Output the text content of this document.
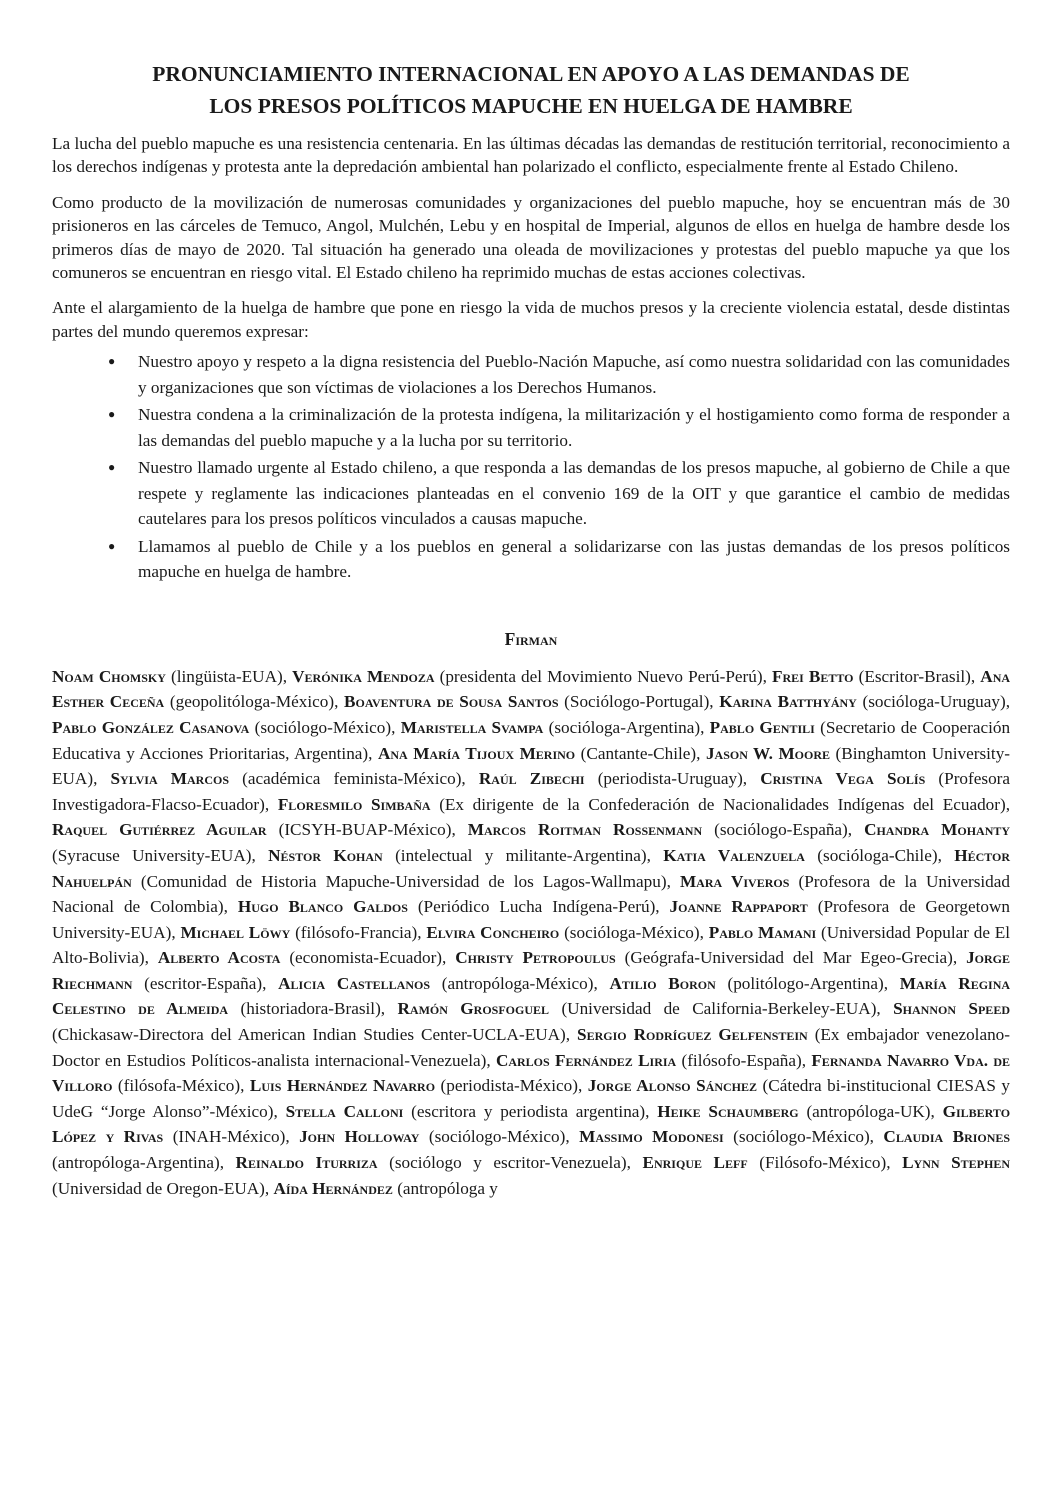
PRONUNCIAMIENTO INTERNACIONAL EN APOYO A LAS DEMANDAS DE
LOS PRESOS POLÍTICOS MAPUCHE EN HUELGA DE HAMBRE

La lucha del pueblo mapuche es una resistencia centenaria. En las últimas décadas las demandas de restitución territorial, reconocimiento a los derechos indígenas y protesta ante la depredación ambiental han polarizado el conflicto, especialmente frente al Estado Chileno.

Como producto de la movilización de numerosas comunidades y organizaciones del pueblo mapuche, hoy se encuentran más de 30 prisioneros en las cárceles de Temuco, Angol, Mulchén, Lebu y en hospital de Imperial, algunos de ellos en huelga de hambre desde los primeros días de mayo de 2020. Tal situación ha generado una oleada de movilizaciones y protestas del pueblo mapuche ya que los comuneros se encuentran en riesgo vital. El Estado chileno ha reprimido muchas de estas acciones colectivas.

Ante el alargamiento de la huelga de hambre que pone en riesgo la vida de muchos presos y la creciente violencia estatal, desde distintas partes del mundo queremos expresar:

● Nuestro apoyo y respeto a la digna resistencia del Pueblo-Nación Mapuche, así como nuestra solidaridad con las comunidades y organizaciones que son víctimas de violaciones a los Derechos Humanos.
● Nuestra condena a la criminalización de la protesta indígena, la militarización y el hostigamiento como forma de responder a las demandas del pueblo mapuche y a la lucha por su territorio.
● Nuestro llamado urgente al Estado chileno, a que responda a las demandas de los presos mapuche, al gobierno de Chile a que respete y reglamente las indicaciones planteadas en el convenio 169 de la OIT y que garantice el cambio de medidas cautelares para los presos políticos vinculados a causas mapuche.
● Llamamos al pueblo de Chile y a los pueblos en general a solidarizarse con las justas demandas de los presos políticos mapuche en huelga de hambre.
Firman

Noam Chomsky (lingüista-EUA), Verónika Mendoza (presidenta del Movimiento Nuevo Perú-Perú), Frei Betto (Escritor-Brasil), Ana Esther Ceceña (geopolitóloga-México), Boaventura de Sousa Santos (Sociólogo-Portugal), Karina Batthyány (socióloga-Uruguay), Pablo González Casanova (sociólogo-México), Maristella Svampa (socióloga-Argentina), Pablo Gentili (Secretario de Cooperación Educativa y Acciones Prioritarias, Argentina), Ana María Tijoux Merino (Cantante-Chile), Jason W. Moore (Binghamton University-EUA), Sylvia Marcos (académica feminista-México), Raúl Zibechi (periodista-Uruguay), Cristina Vega Solís (Profesora Investigadora-Flacso-Ecuador), Floresmilo Simbaña (Ex dirigente de la Confederación de Nacionalidades Indígenas del Ecuador), Raquel Gutiérrez Aguilar (ICSYH-BUAP-México), Marcos Roitman Rossenmann (sociólogo-España), Chandra Mohanty (Syracuse University-EUA), Néstor Kohan (intelectual y militante-Argentina), Katia Valenzuela (socióloga-Chile), Héctor Nahuelpán (Comunidad de Historia Mapuche-Universidad de los Lagos-Wallmapu), Mara Viveros (Profesora de la Universidad Nacional de Colombia), Hugo Blanco Galdos (Periódico Lucha Indígena-Perú), Joanne Rappaport (Profesora de Georgetown University-EUA), Michael Löwy (filósofo-Francia), Elvira Concheiro (socióloga-México), Pablo Mamani (Universidad Popular de El Alto-Bolivia), Alberto Acosta (economista-Ecuador), Christy Petropoulus (Geógrafa-Universidad del Mar Egeo-Grecia), Jorge Riechmann (escritor-España), Alicia Castellanos (antropóloga-México), Atilio Boron (politólogo-Argentina), María Regina Celestino de Almeida (historiadora-Brasil), Ramón Grosfoguel (Universidad de California-Berkeley-EUA), Shannon Speed (Chickasaw-Directora del American Indian Studies Center-UCLA-EUA), Sergio Rodríguez Gelfenstein (Ex embajador venezolano-Doctor en Estudios Políticos-analista internacional-Venezuela), Carlos Fernández Liria (filósofo-España), Fernanda Navarro Vda. de Villoro (filósofa-México), Luis Hernández Navarro (periodista-México), Jorge Alonso Sánchez (Cátedra bi-institucional CIESAS y UdeG “Jorge Alonso”-México), Stella Calloni (escritora y periodista argentina), Heike Schaumberg (antropóloga-UK), Gilberto López y Rivas (INAH-México), John Holloway (sociólogo-México), Massimo Modonesi (sociólogo-México), Claudia Briones (antropóloga-Argentina), Reinaldo Iturriza (sociólogo y escritor-Venezuela), Enrique Leff (Filósofo-México), Lynn Stephen (Universidad de Oregon-EUA), Aída Hernández (antropóloga y
